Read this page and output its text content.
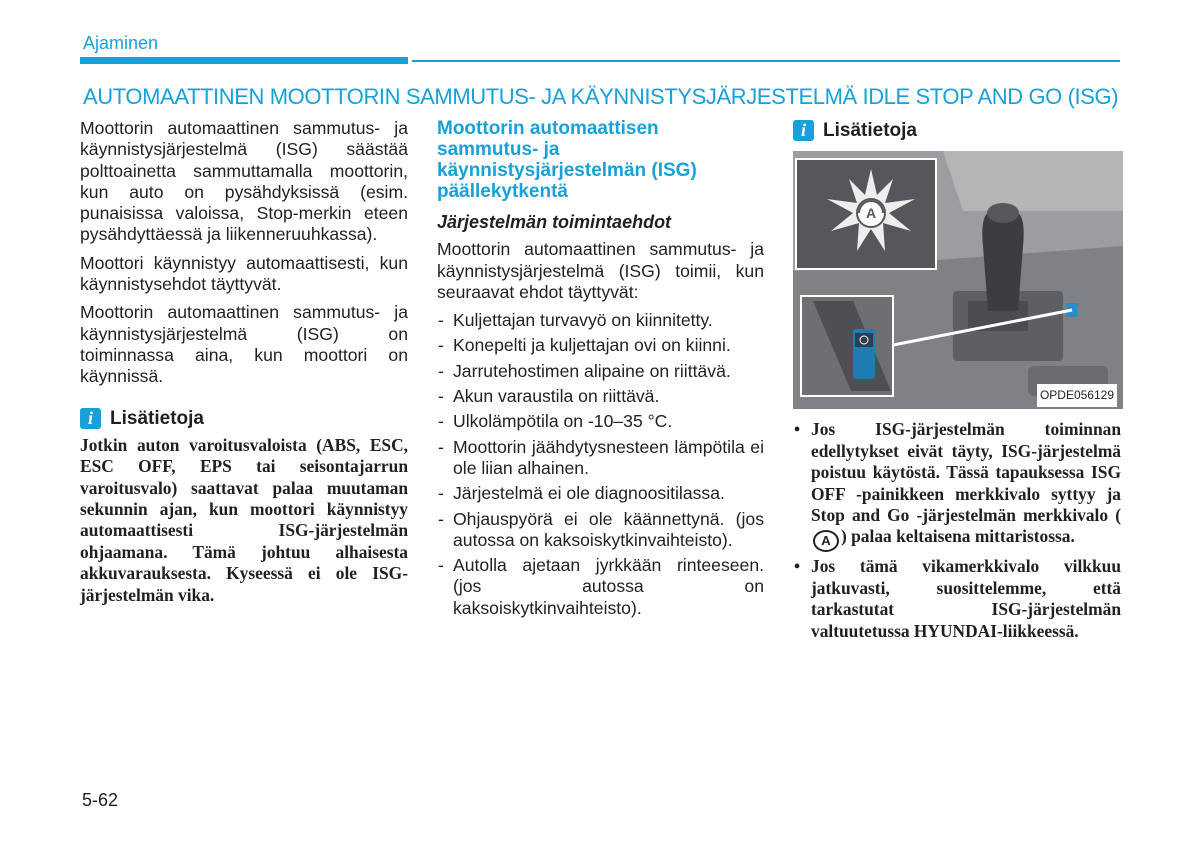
Ajaminen
AUTOMAATTINEN MOOTTORIN SAMMUTUS- JA KÄYNNISTYSJÄRJESTELMÄ IDLE STOP AND GO (ISG)

Moottorin automaattinen sammutus- ja käynnistysjärjestelmä (ISG) säästää polttoainetta sammuttamalla moottorin, kun auto on pysähdyksissä (esim. punaisissa valoissa, Stop-merkin eteen pysähdyttäessä ja liikenneruuhkassa).

Moottori käynnistyy automaattisesti, kun käynnistysehdot täyttyvät.

Moottorin automaattinen sammutus- ja käynnistysjärjestelmä (ISG) on toiminnassa aina, kun moottori on käynnissä.

i Lisätietoja

Jotkin auton varoitusvaloista (ABS, ESC, ESC OFF, EPS tai seisontajarrun varoitusvalo) saattavat palaa muutaman sekunnin ajan, kun moottori käynnistyy automaattisesti ISG-järjestelmän ohjaamana. Tämä johtuu alhaisesta akkuvarauksesta. Kyseessä ei ole ISG-järjestelmän vika.

Moottorin automaattisen sammutus- ja käynnistysjärjestelmän (ISG) päällekytkentä
Järjestelmän toimintaehdot

Moottorin automaattinen sammutus- ja käynnistysjärjestelmä (ISG) toimii, kun seuraavat ehdot täyttyvät:

- Kuljettajan turvavyö on kiinnitetty.
- Konepelti ja kuljettajan ovi on kiinni.
- Jarrutehostimen alipaine on riittävä.
- Akun varaustila on riittävä.
- Ulkolämpötila on -10–35 °C.
- Moottorin jäähdytysnesteen lämpötila ei ole liian alhainen.
- Järjestelmä ei ole diagnoositilassa.
- Ohjauspyörä ei ole käännettynä. (jos autossa on kaksoiskytkinvaihteisto).
- Autolla ajetaan jyrkkään rinteeseen. (jos autossa on kaksoiskytkinvaihteisto).
i Lisätietoja
A
OPDE056129
• Jos ISG-järjestelmän toiminnan edellytykset eivät täyty, ISG-järjestelmä poistuu käytöstä. Tässä tapauksessa ISG OFF -painikkeen merkkivalo syttyy ja Stop and Go -järjestelmän merkkivalo (A ) palaa keltaisena mittaristossa.
• Jos tämä vikamerkkivalo vilkkuu jatkuvasti, suosittelemme, että tarkastutat ISG-järjestelmän valtuutetussa HYUNDAI-liikkeessä.
5-62
